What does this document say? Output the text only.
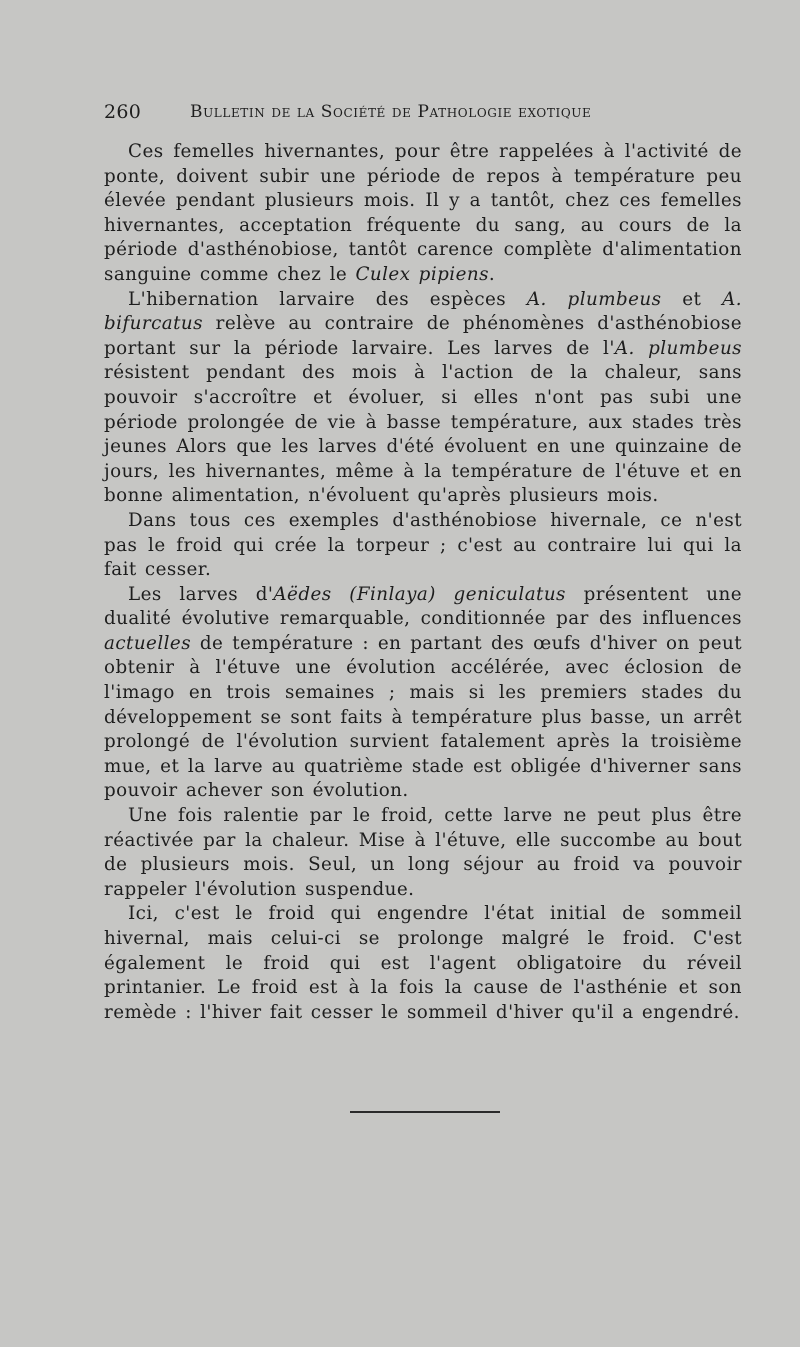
260	Bulletin de la Société de Pathologie exotique

Ces femelles hivernantes, pour être rappelées à l'activité de ponte, doivent subir une période de repos à température peu élevée pendant plusieurs mois. Il y a tantôt, chez ces femelles hivernantes, acceptation fréquente du sang, au cours de la période d'asthénobiose, tantôt carence complète d'alimentation sanguine comme chez le Culex pipiens.

L'hibernation larvaire des espèces A. plumbeus et A. bifurcatus relève au contraire de phénomènes d'asthénobiose portant sur la période larvaire. Les larves de l'A. plumbeus résistent pendant des mois à l'action de la chaleur, sans pouvoir s'accroître et évoluer, si elles n'ont pas subi une période prolongée de vie à basse température, aux stades très jeunes Alors que les larves d'été évoluent en une quinzaine de jours, les hivernantes, même à la température de l'étuve et en bonne alimentation, n'évoluent qu'après plusieurs mois.

Dans tous ces exemples d'asthénobiose hivernale, ce n'est pas le froid qui crée la torpeur ; c'est au contraire lui qui la fait cesser.

Les larves d'Aëdes (Finlaya) geniculatus présentent une dualité évolutive remarquable, conditionnée par des influences actuelles de température : en partant des œufs d'hiver on peut obtenir à l'étuve une évolution accélérée, avec éclosion de l'imago en trois semaines ; mais si les premiers stades du développement se sont faits à température plus basse, un arrêt prolongé de l'évolution survient fatalement après la troisième mue, et la larve au quatrième stade est obligée d'hiverner sans pouvoir achever son évolution.

Une fois ralentie par le froid, cette larve ne peut plus être réactivée par la chaleur. Mise à l'étuve, elle succombe au bout de plusieurs mois. Seul, un long séjour au froid va pouvoir rappeler l'évolution suspendue.

Ici, c'est le froid qui engendre l'état initial de sommeil hivernal, mais celui-ci se prolonge malgré le froid. C'est également le froid qui est l'agent obligatoire du réveil printanier. Le froid est à la fois la cause de l'asthénie et son remède : l'hiver fait cesser le sommeil d'hiver qu'il a engendré.
